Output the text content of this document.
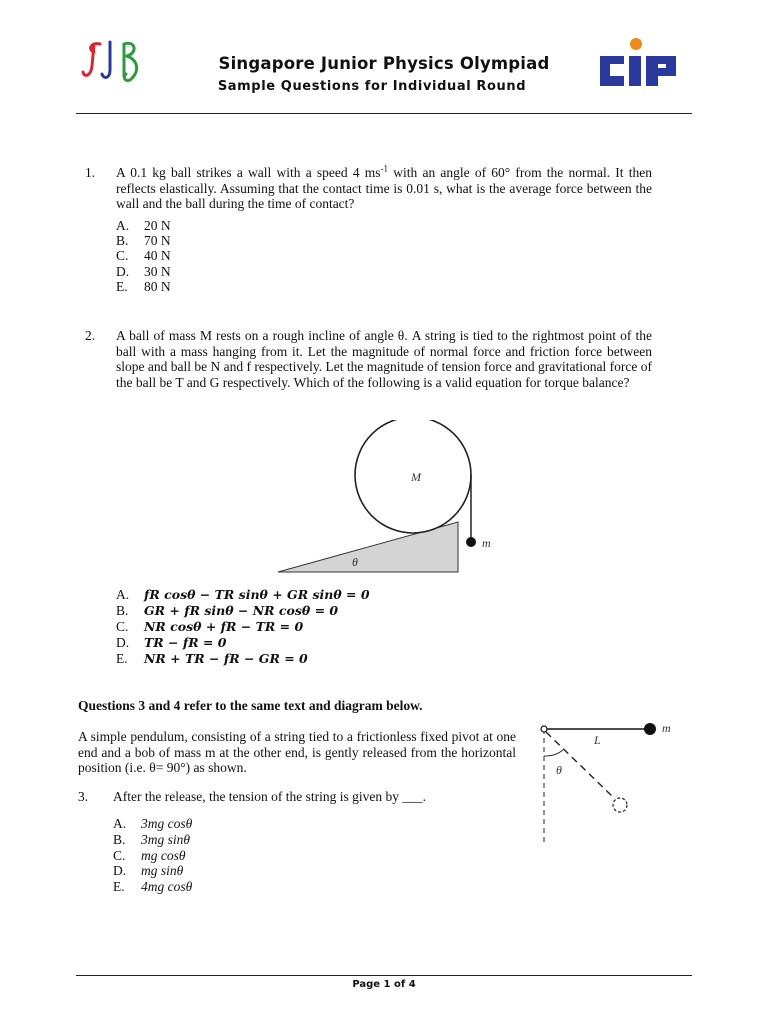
Singapore Junior Physics Olympiad
Sample Questions for Individual Round
1. A 0.1 kg ball strikes a wall with a speed 4 $ms^{-1}$ with an angle of 60° from the normal. It then reflects elastically. Assuming that the contact time is 0.01 s, what is the average force between the wall and the ball during the time of contact?
A. 20 N
B. 70 N
C. 40 N
D. 30 N
E. 80 N
2. A ball of mass M rests on a rough incline of angle θ. A string is tied to the rightmost point of the ball with a mass hanging from it. Let the magnitude of normal force and friction force between slope and ball be N and f respectively. Let the magnitude of tension force and gravitational force of the ball be T and G respectively. Which of the following is a valid equation for torque balance?
M
θ
m
A. fR cosθ − TR sinθ + GR sinθ = 0
B. GR + fR sinθ − NR cosθ = 0
C. NR cosθ + fR − TR = 0
D. TR − fR = 0
E. NR + TR − fR − GR = 0
Questions 3 and 4 refer to the same text and diagram below.
A simple pendulum, consisting of a string tied to a frictionless fixed pivot at one end and a bob of mass m at the other end, is gently released from the horizontal position (i.e. θ= 90°) as shown.
m
L
θ
3. After the release, the tension of the string is given by ___.
A. 3mg cosθ
B. 3mg sinθ
C. mg cosθ
D. mg sinθ
E. 4mg cosθ
Page 1 of 4
